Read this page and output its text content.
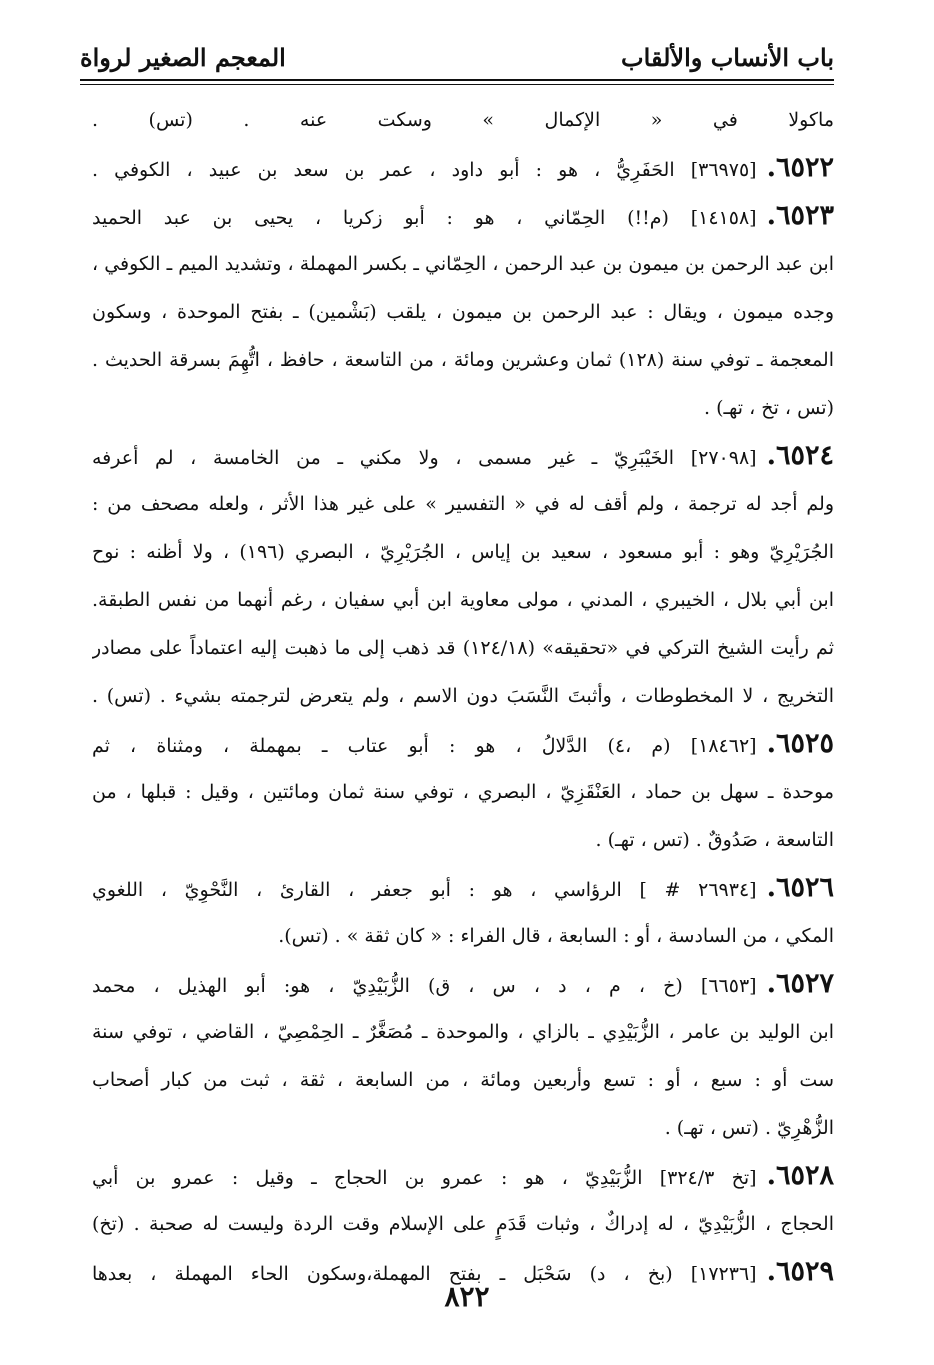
باب الأنساب والألقاب
المعجم الصغير لرواة
ماكولا في « الإكمال » وسكت عنه . (تس) .
٦٥٢٢.[٣٦٩٧٥] الحَفَرِيُّ ، هو : أبو داود ، عمر بن سعد بن عبيد ، الكوفي .
٦٥٢٣.[١٤١٥٨] (م!!) الحِمّاني ، هو : أبو زكريا ، يحيى بن عبد الحميد
ابن عبد الرحمن بن ميمون بن عبد الرحمن ، الحِمّاني ـ بكسر المهملة ، وتشديد الميم ـ الكوفي ،
وجده ميمون ، ويقال : عبد الرحمن بن ميمون ، يلقب (بَشْمين) ـ بفتح الموحدة ، وسكون
المعجمة ـ توفي سنة (١٢٨) ثمان وعشرين ومائة ، من التاسعة ، حافظ ، اتُّهِمَ بسرقة الحديث .
(تس ، تخ ، تهـ) .
٦٥٢٤.[٢٧٠٩٨] الخَيْبَرِيّ ـ غير مسمى ، ولا مكني ـ من الخامسة ، لم أعرفه
ولم أجد له ترجمة ، ولم أقف له في « التفسير » على غير هذا الأثر ، ولعله مصحف من :
الجُرَيْرِيّ وهو : أبو مسعود ، سعيد بن إياس ، الجُرَيْرِيّ ، البصري (١٩٦) ، ولا أظنه : نوح
ابن أبي بلال ، الخيبري ، المدني ، مولى معاوية ابن أبي سفيان ، رغم أنهما من نفس الطبقة.
ثم رأيت الشيخ التركي في «تحقيقه» (١٢٤/١٨) قد ذهب إلى ما ذهبت إليه اعتماداً على مصادر
التخريج ، لا المخطوطات ، وأثبتَ النَّسَبَ دون الاسم ، ولم يتعرض لترجمته بشيء . (تس) .
٦٥٢٥.[١٨٤٦٢] (م ،٤) الدَّلالُ ، هو : أبو عتاب ـ بمهملة ، ومثناة ، ثم
موحدة ـ سهل بن حماد ، العَنْقَزِيّ ، البصري ، توفي سنة ثمان ومائتين ، وقيل : قبلها ، من
التاسعة ، صَدُوقٌ . (تس ، تهـ) .
٦٥٢٦.[٢٦٩٣٤ # ] الرؤاسي ، هو : أبو جعفر ، القارئ ، النَّحْوِيّ ، اللغوي
المكي ، من السادسة ، أو : السابعة ، قال الفراء : « كان ثقة » . (تس).
٦٥٢٧.[٦٦٥٣] (خ ، م ، د ، س ، ق) الزُّبَيْدِيّ ، هو: أبو الهذيل ، محمد
ابن الوليد بن عامر ، الزُّبَيْدِي ـ بالزاي ، والموحدة ـ مُصَغَّرٌ ـ الحِمْصِيّ ، القاضي ، توفي سنة
ست أو : سبع ، أو : تسع وأربعين ومائة ، من السابعة ، ثقة ، ثبت من كبار أصحاب
الزُّهْرِيّ . (تس ، تهـ) .
٦٥٢٨.[تخ ٣٢٤/٣] الزُّبَيْدِيّ ، هو : عمرو بن الحجاج ـ وقيل : عمرو بن أبي
الحجاج ، الزُّبَيْدِيّ ، له إدراكٌ ، وثبات قَدَمٍ على الإسلام وقت الردة وليست له صحبة . (تخ)
٦٥٢٩.[١٧٢٣٦] (بخ ، د) سَحْبَل ـ بفتح المهملة،وسكون الحاء المهملة ، بعدها
٨٢٢
